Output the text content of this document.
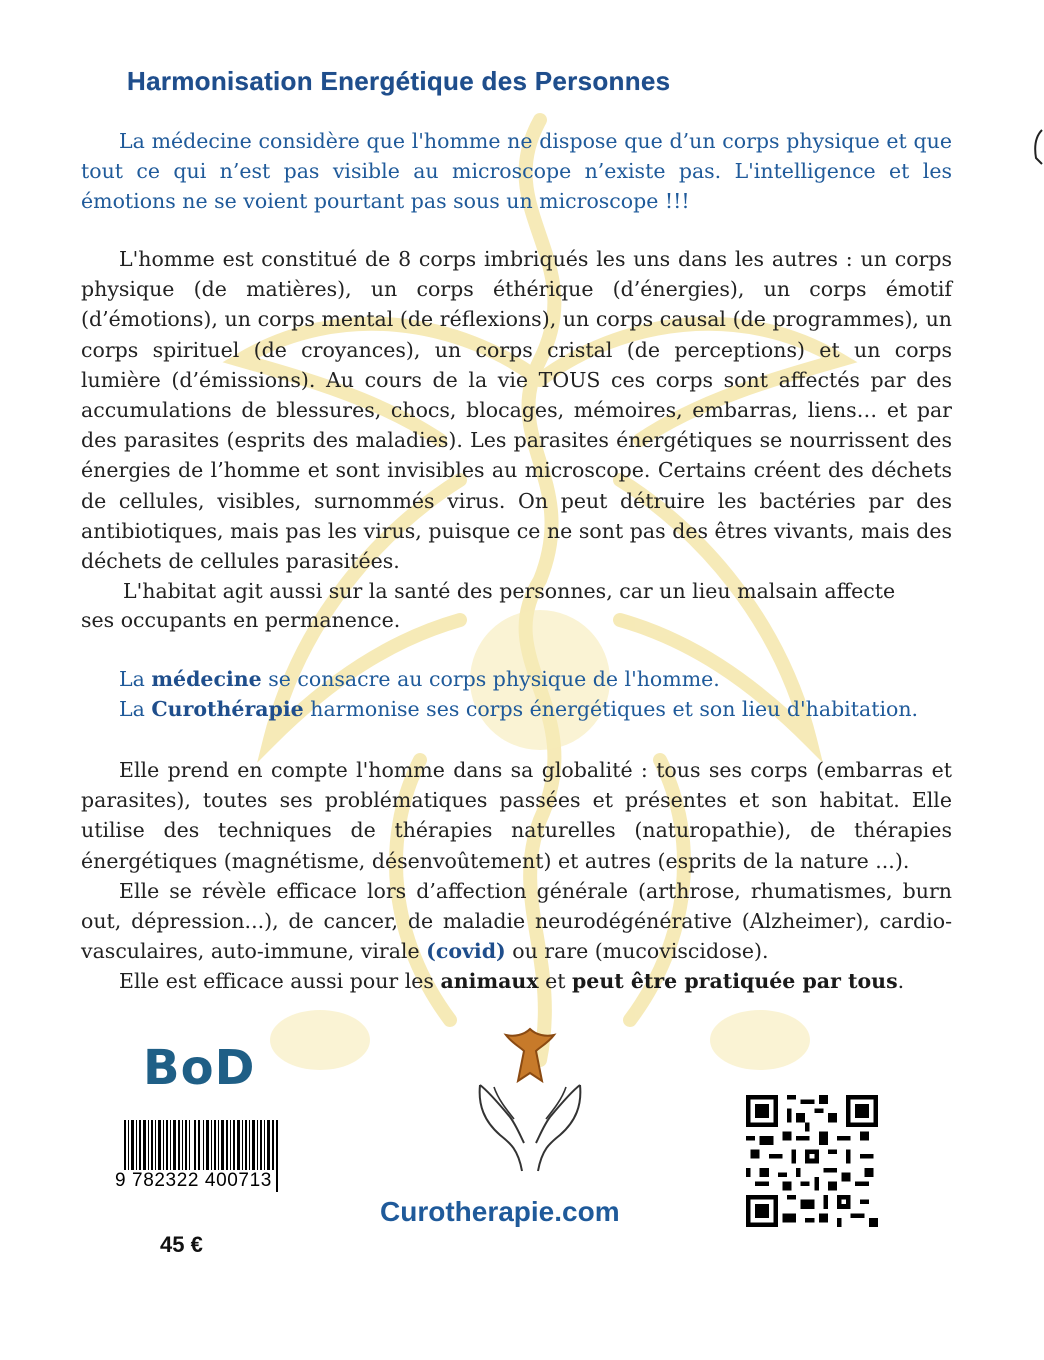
Harmonisation Energétique des Personnes

La médecine considère que l'homme ne dispose que d’un corps physique et que tout ce qui n’est pas visible au microscope n’existe pas. L'intelligence et les émotions ne se voient pourtant pas sous un microscope !!!

L'homme est constitué de 8 corps imbriqués les uns dans les autres : un corps physique (de matières), un corps éthérique (d’énergies), un corps émotif (d’émotions), un corps mental (de réflexions), un corps causal (de programmes), un corps spirituel (de croyances), un corps cristal (de perceptions) et un corps lumière (d’émissions). Au cours de la vie TOUS ces corps sont affectés par des accumulations de blessures, chocs, blocages, mémoires, embarras, liens… et par des parasites (esprits des maladies). Les parasites énergétiques se nourrissent des énergies de l’homme et sont invisibles au microscope. Certains créent des déchets de cellules, visibles, surnommés virus. On peut détruire les bactéries par des antibiotiques, mais pas les virus, puisque ce ne sont pas des êtres vivants, mais des déchets de cellules parasitées.

L'habitat agit aussi sur la santé des personnes, car un lieu malsain affecte

ses occupants en permanence.

La médecine se consacre au corps physique de l'homme.

La Curothérapie harmonise ses corps énergétiques et son lieu d'habitation.

Elle prend en compte l'homme dans sa globalité : tous ses corps (embarras et parasites), toutes ses problématiques passées et présentes et son habitat. Elle utilise des techniques de thérapies naturelles (naturopathie), de thérapies énergétiques (magnétisme, désenvoûtement) et autres (esprits de la nature ...).

Elle se révèle efficace lors d’affection générale (arthrose, rhumatismes, burn out, dépression...), de cancer, de maladie neurodégénérative (Alzheimer), cardio-vasculaires, auto-immune, virale (covid) ou rare (mucoviscidose).

Elle est efficace aussi pour les animaux et peut être pratiquée par tous.

BoD
9 782322 400713
45 €
Curotherapie.com
